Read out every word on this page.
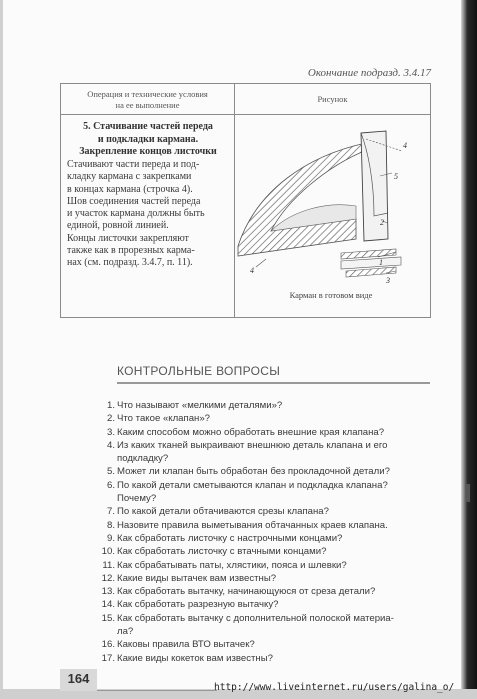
Окончание подразд. 3.4.17
Операция и технические условия
на ее выполнение
Рисунок
5. Стачивание частей переда
и подкладки кармана.
Закрепление концов листочки
Стачивают части переда и под-
кладку кармана с закрепками
в концах кармана (строчка 4).
Шов соединения частей переда
и участок кармана должны быть
единой, ровной линией.
Концы листочки закрепляют
также как в прорезных карма-
нах (см. подразд. 3.4.7, п. 11).
4
5
2
1
4
3
Карман в готовом виде
КОНТРОЛЬНЫЕ ВОПРОСЫ
1. Что называют «мелкими деталями»?
2. Что такое «клапан»?
3. Каким способом можно обработать внешние края клапана?
4. Из каких тканей выкраивают внешнюю деталь клапана и его
подкладку?
5. Может ли клапан быть обработан без прокладочной детали?
6. По какой детали сметываются клапан и подкладка клапана?
Почему?
7. По какой детали обтачиваются срезы клапана?
8. Назовите правила выметывания обтачанных краев клапана.
9. Как сбработать листочку с настрочными концами?
10. Как сбработать листочку с втачными концами?
11. Как сбрабатывать паты, хлястики, пояса и шлевки?
12. Какие виды вытачек вам известны?
13. Как сбработать вытачку, начинающуюся от среза детали?
14. Как сбработать разрезную вытачку?
15. Как сбработать вытачку с дополнительной полоской материа-
ла?
16. Каковы правила ВТО вытачек?
17. Какие виды кокеток вам известны?
164
http://www.liveinternet.ru/users/galina_o/
